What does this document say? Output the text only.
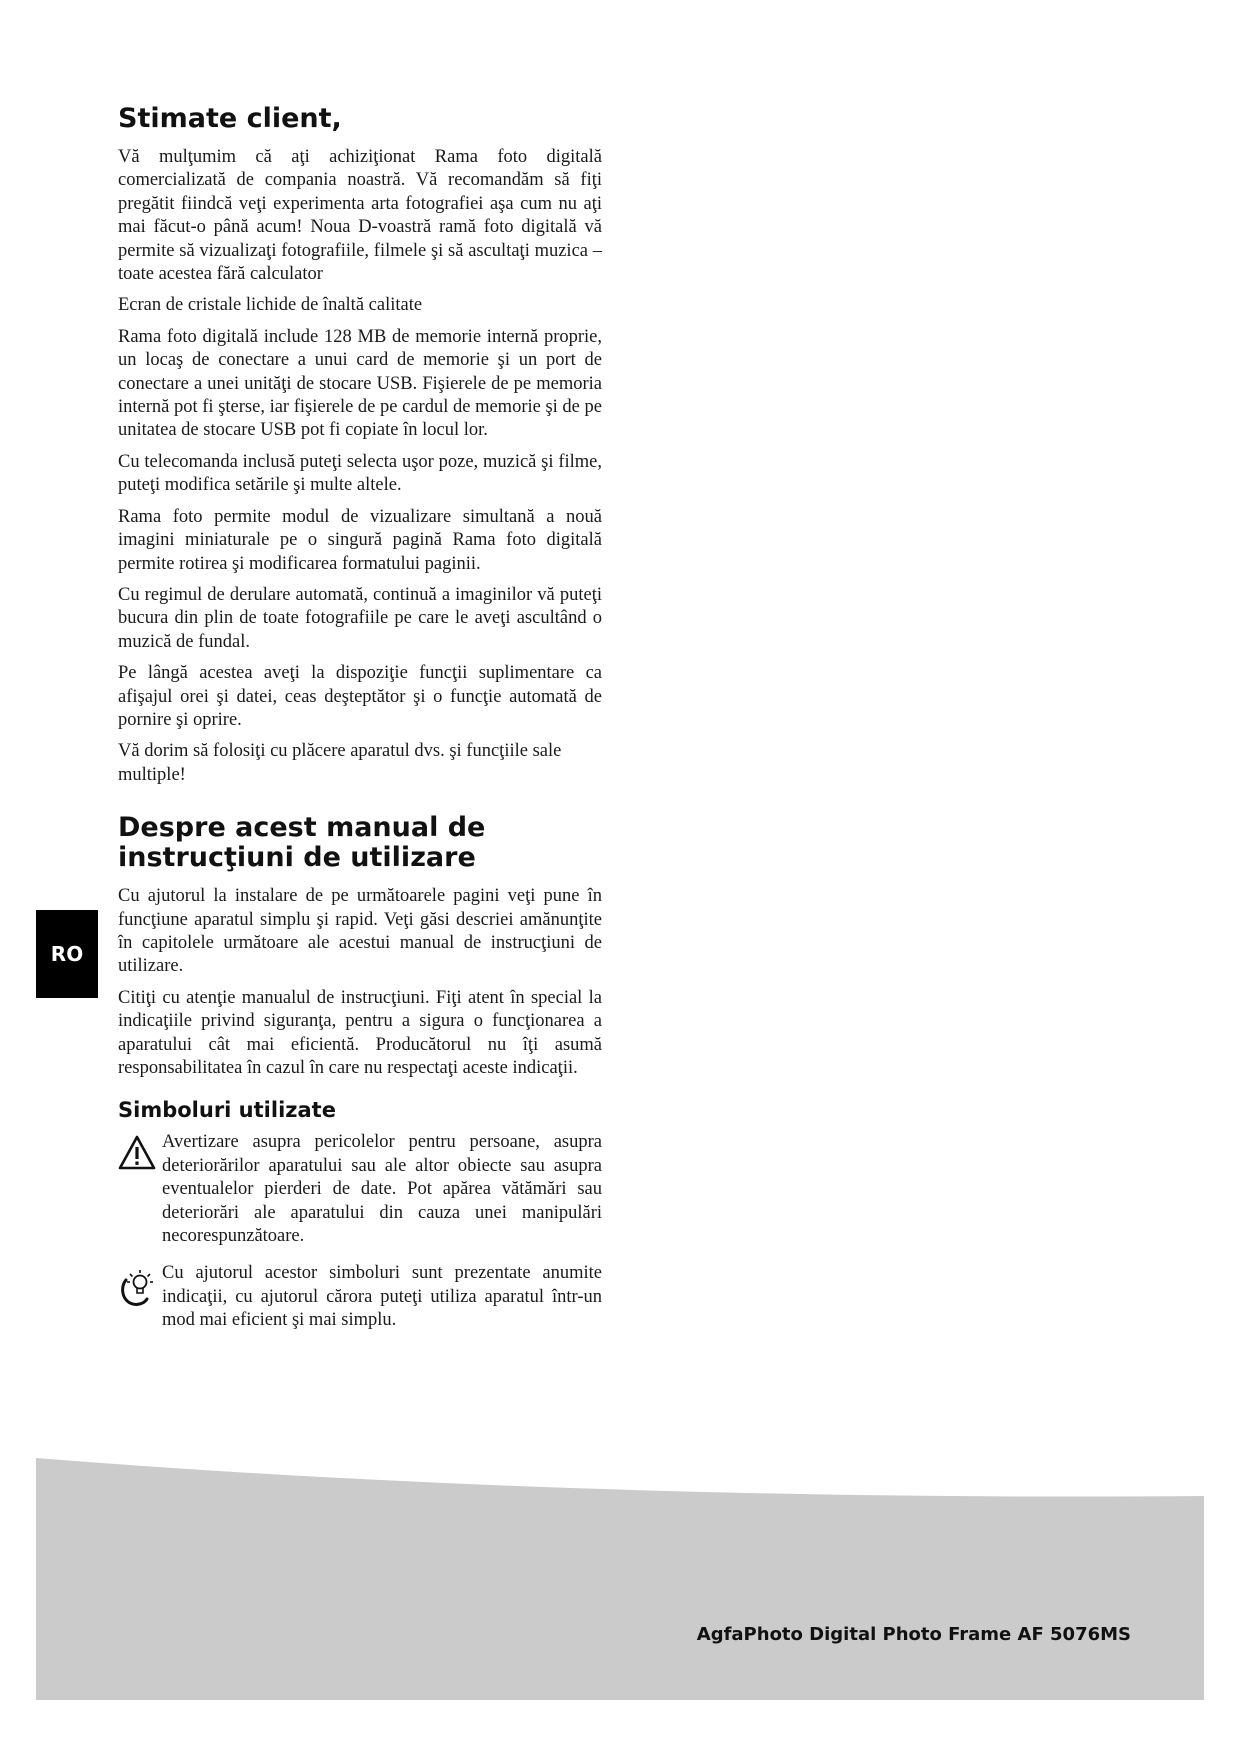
Stimate client,

Vă mulţumim că aţi achiziţionat Rama foto digitală comercializată de compania noastră. Vă recomandăm să fiţi pregătit fiindcă veţi experimenta arta fotografiei aşa cum nu aţi mai făcut-o până acum! Noua D-voastră ramă foto digitală vă permite să vizualizaţi fotografiile, filmele şi să ascultaţi muzica – toate acestea fără calculator

Ecran de cristale lichide de înaltă calitate

Rama foto digitală include 128 MB de memorie internă proprie, un locaş de conectare a unui card de memorie şi un port de conectare a unei unităţi de stocare USB. Fişierele de pe memoria internă pot fi şterse, iar fişierele de pe cardul de memorie şi de pe unitatea de stocare USB pot fi copiate în locul lor.

Cu telecomanda inclusă puteţi selecta uşor poze, muzică şi filme, puteţi modifica setările şi multe altele.

Rama foto permite modul de vizualizare simultană a nouă imagini miniaturale pe o singură pagină Rama foto digitală permite rotirea şi modificarea formatului paginii.

Cu regimul de derulare automată, continuă a imaginilor vă puteţi bucura din plin de toate fotografiile pe care le aveţi ascultând o muzică de fundal.

Pe lângă acestea aveţi la dispoziţie funcţii suplimentare ca afişajul orei şi datei, ceas deşteptător şi o funcţie automată de pornire şi oprire.

Vă dorim să folosiţi cu plăcere aparatul dvs. şi funcţiile sale multiple!

Despre acest manual de
instrucţiuni de utilizare

Cu ajutorul la instalare de pe următoarele pagini veţi pune în funcţiune aparatul simplu şi rapid. Veţi găsi descriei amănunţite în capitolele următoare ale acestui manual de instrucţiuni de utilizare.

Citiţi cu atenţie manualul de instrucţiuni. Fiţi atent în special la indicaţiile privind siguranţa, pentru a sigura o funcţionarea a aparatului cât mai eficientă. Producătorul nu îţi asumă responsabilitatea în cazul în care nu respectaţi aceste indicaţii.

Simboluri utilizate

Avertizare asupra pericolelor pentru persoane, asupra deteriorărilor aparatului sau ale altor obiecte sau asupra eventualelor pierderi de date. Pot apărea vătămări sau deteriorări ale aparatului din cauza unei manipulări necorespunzătoare.

Cu ajutorul acestor simboluri sunt prezentate anumite indicaţii, cu ajutorul cărora puteţi utiliza aparatul într-un mod mai eficient şi mai simplu.

RO
AgfaPhoto Digital Photo Frame AF 5076MS
